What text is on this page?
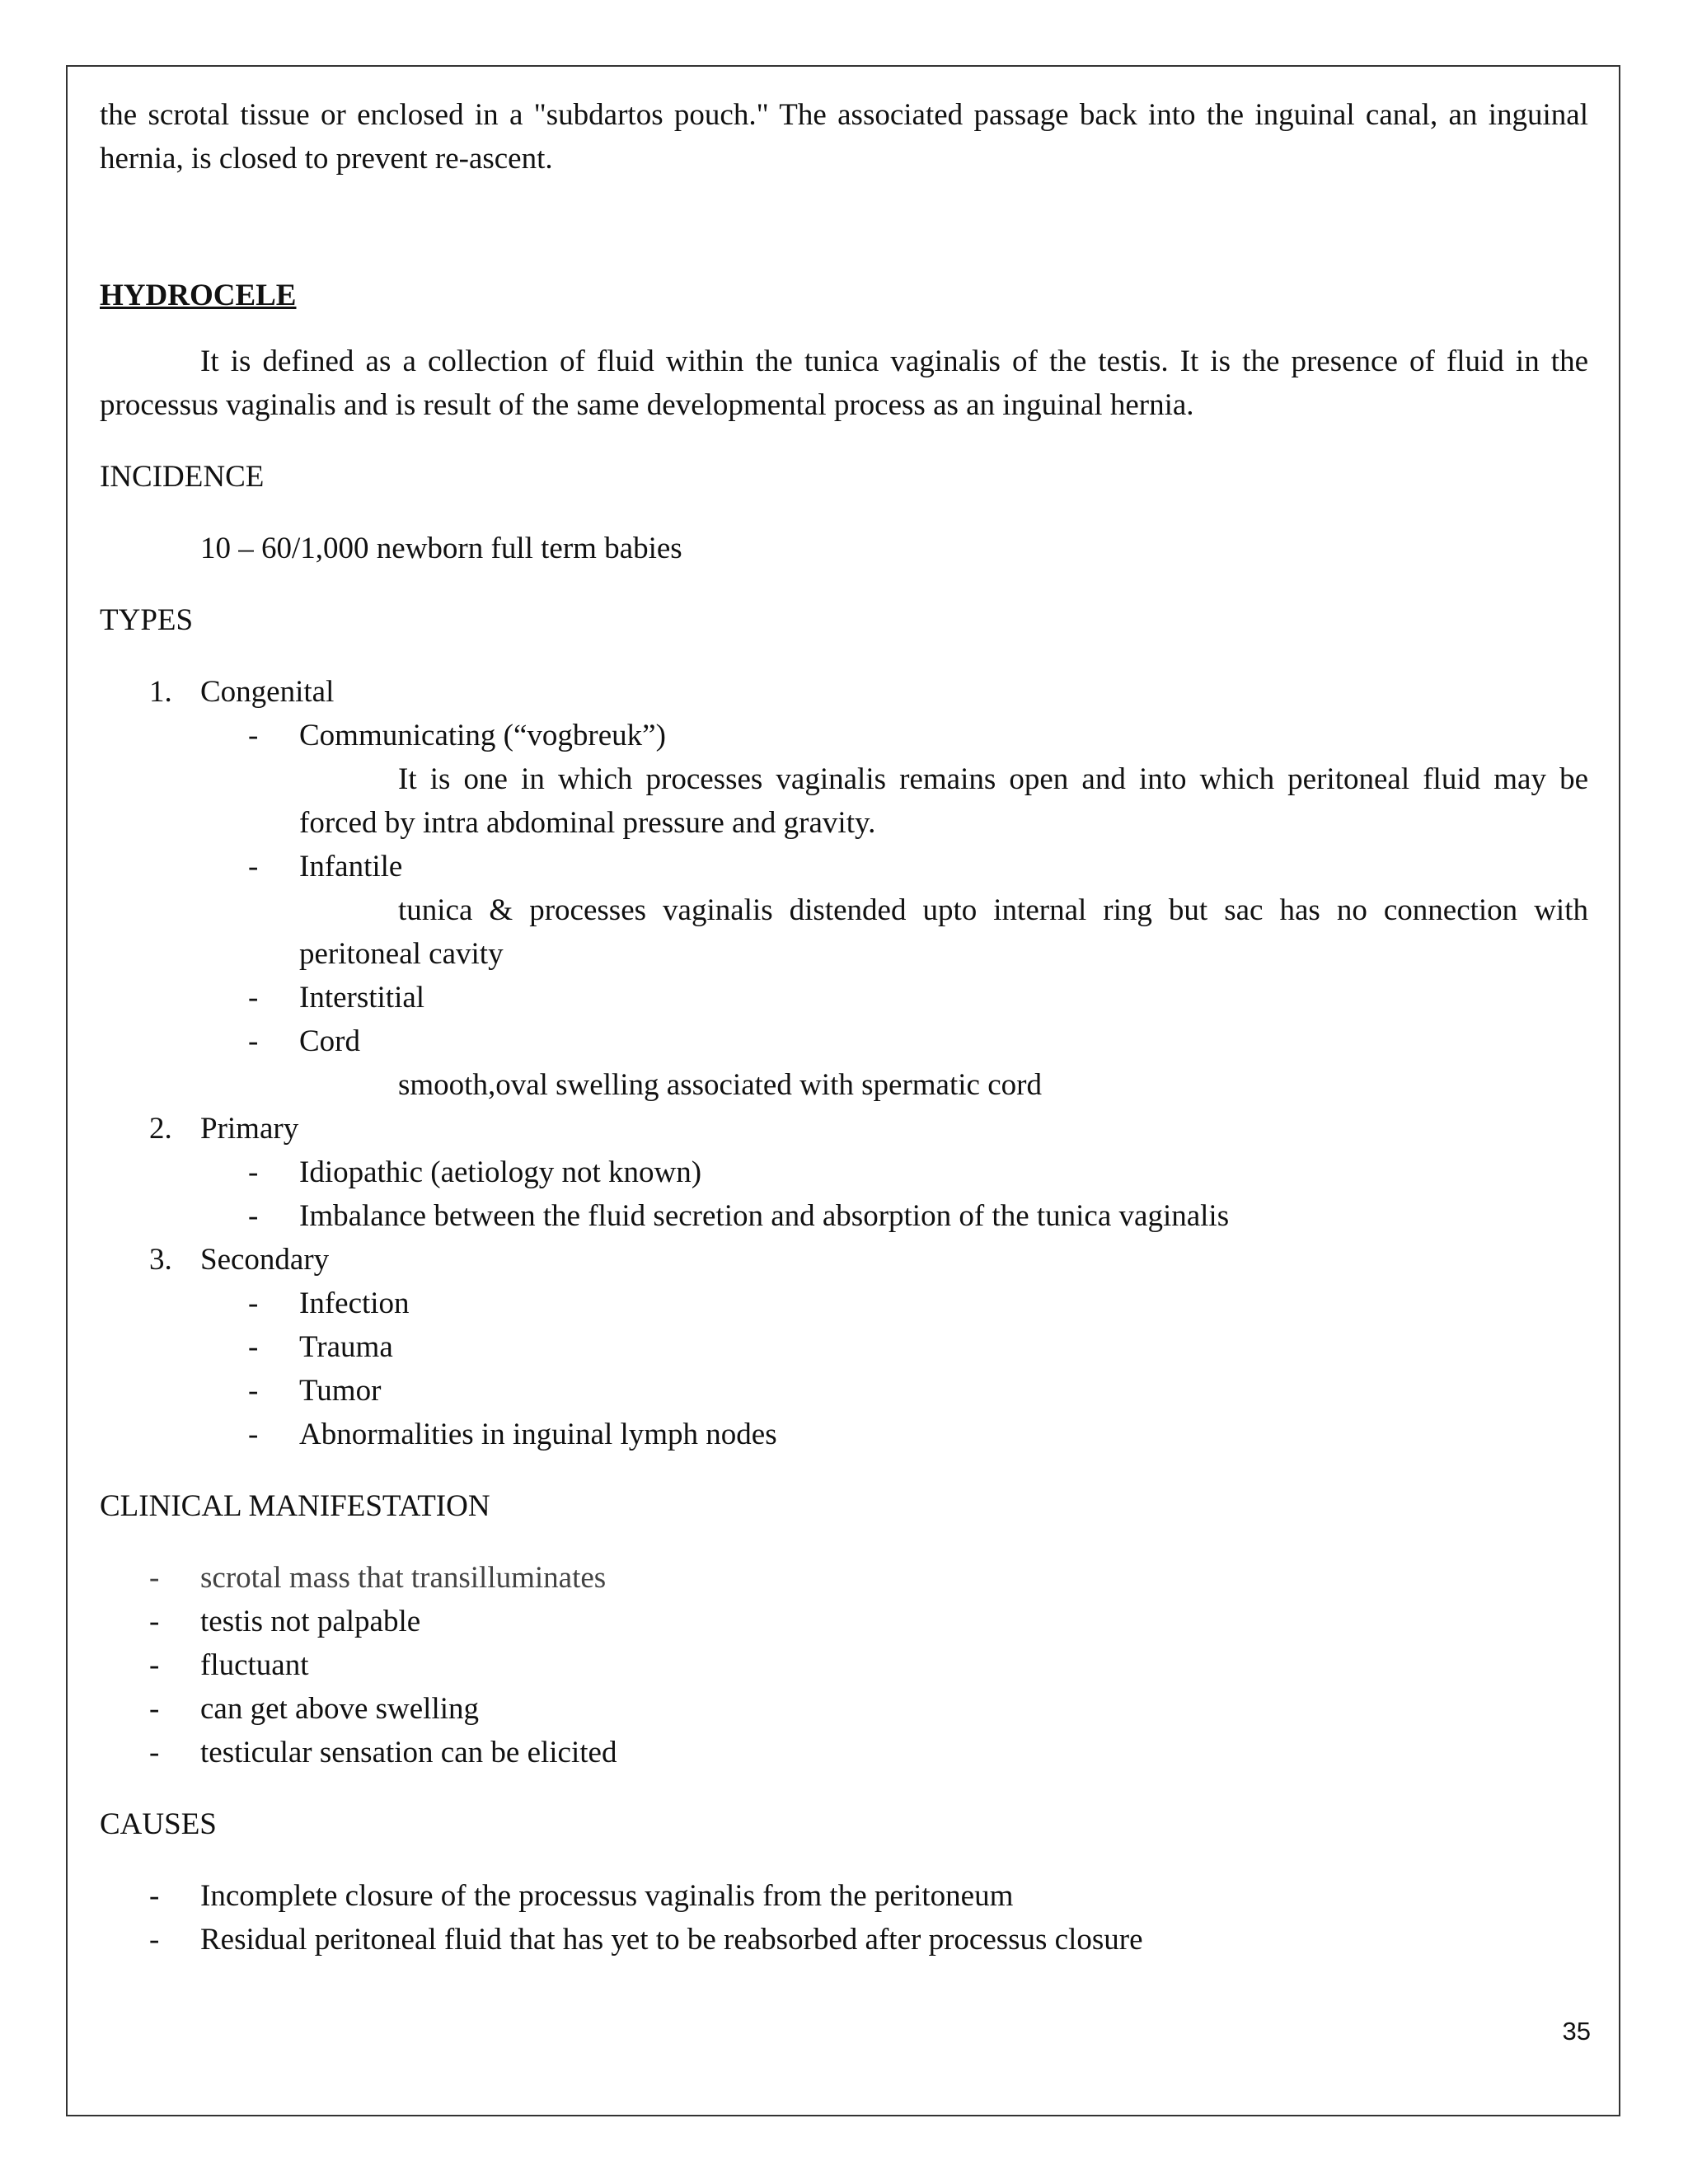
the scrotal tissue or enclosed in a "subdartos pouch." The associated passage back into the inguinal canal, an inguinal hernia, is closed to prevent re-ascent.

HYDROCELE

It is defined as a collection of fluid within the tunica vaginalis of the testis. It is the presence of fluid in the processus vaginalis and is result of the same developmental process as an inguinal hernia.

INCIDENCE

10 – 60/1,000 newborn full term babies

TYPES

1. Congenital
-	Communicating (“vogbreuk”)

It is one in which processes vaginalis remains open and into which peritoneal fluid may be forced by intra abdominal pressure and gravity.

-	Infantile

tunica & processes vaginalis distended upto internal ring but sac has no connection with peritoneal cavity

-	Interstitial
-	Cord

smooth,oval swelling associated with spermatic cord

2. Primary
-	Idiopathic (aetiology not known)
-	Imbalance between the fluid secretion and absorption of the tunica vaginalis
3. Secondary
-	Infection
-	Trauma
-	Tumor
-	Abnormalities in inguinal lymph nodes

CLINICAL MANIFESTATION

-	scrotal mass that transilluminates
-	testis not palpable
-	fluctuant
-	can get above swelling
-	testicular sensation can be elicited

CAUSES

-	Incomplete closure of the processus vaginalis from the peritoneum
-	Residual peritoneal fluid that has yet to be reabsorbed after processus closure
35
